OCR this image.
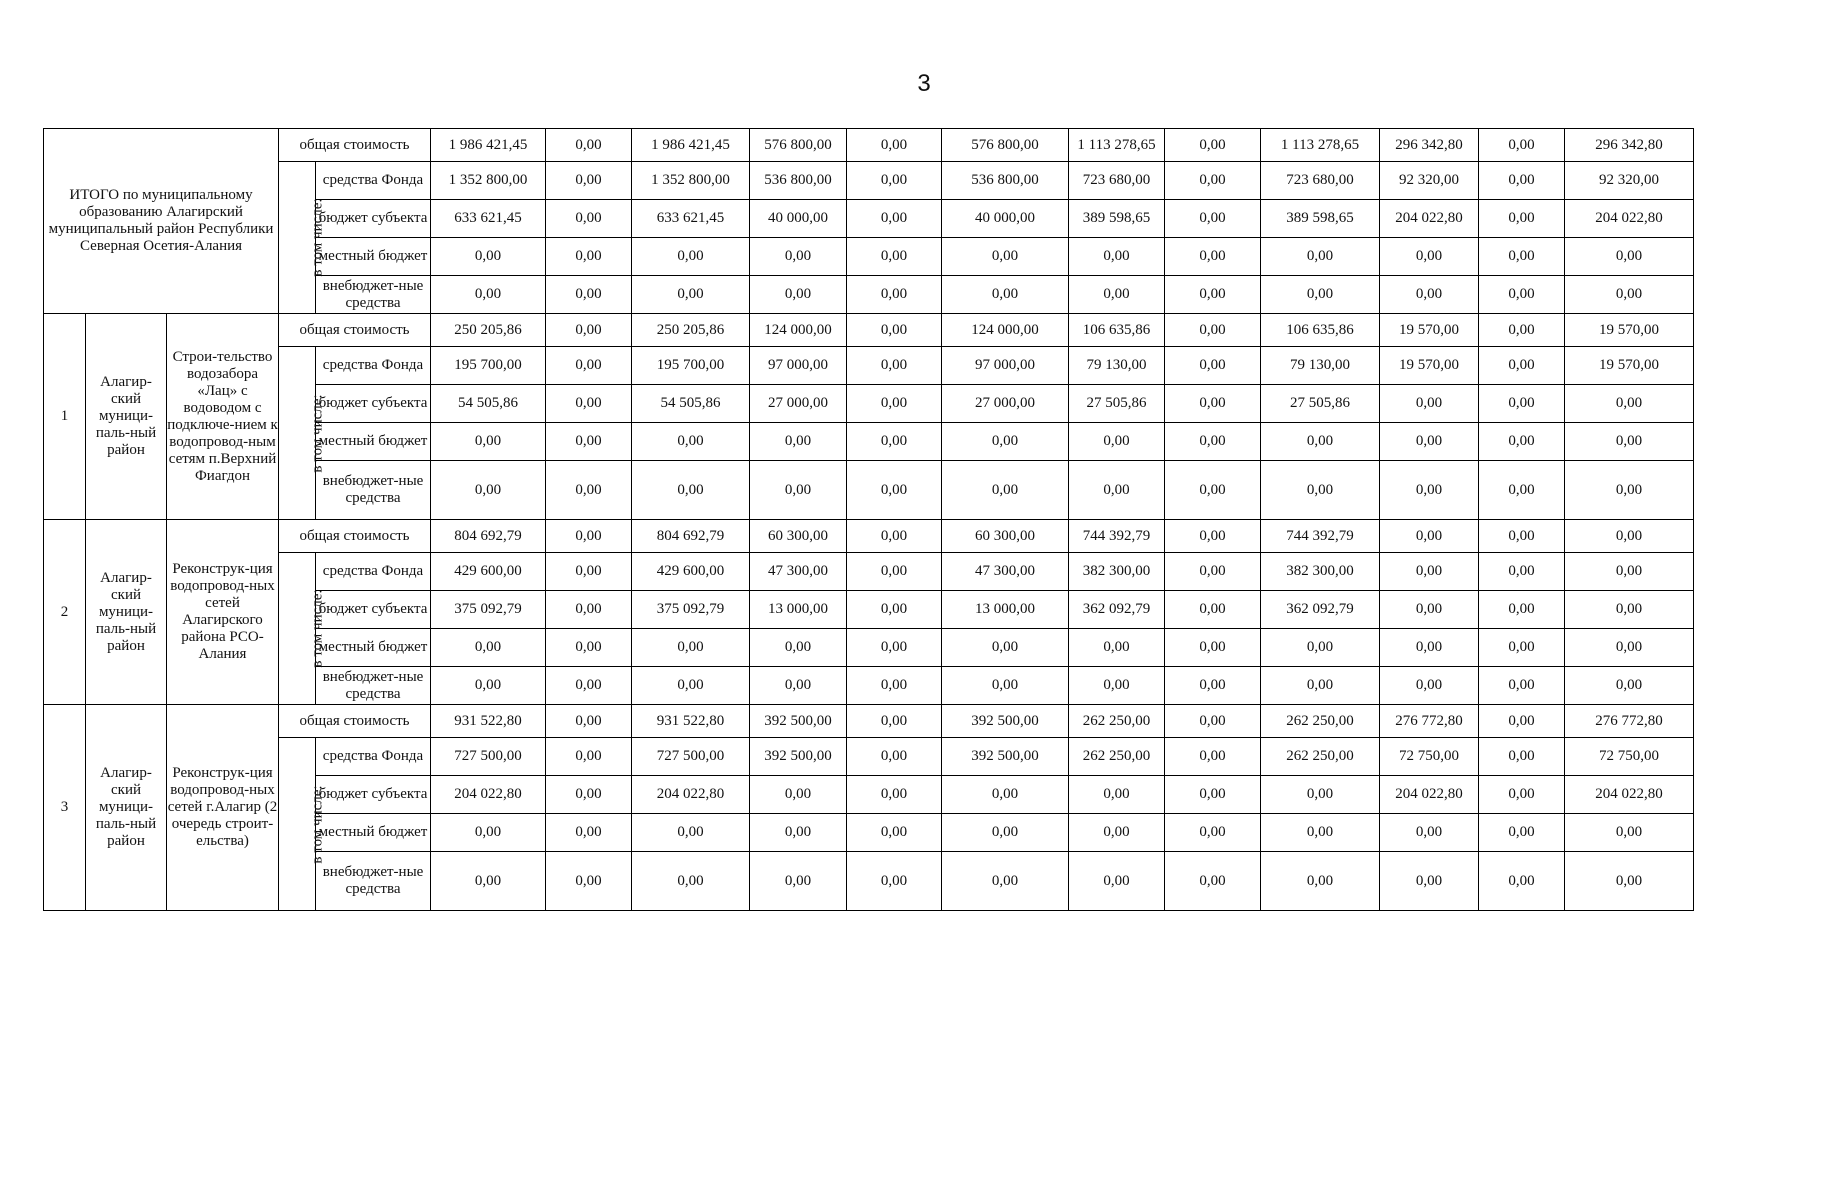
3
ИТОГО по муниципальному образованию Алагирский муниципальный район Республики Северная Осетия-Алания			общая стоимость		1 986 421,45	0,00	1 986 421,45	576 800,00	0,00	576 800,00	1 113 278,65	0,00	1 113 278,65	296 342,80	0,00	296 342,80
			в том числе:	средства Фонда	1 352 800,00	0,00	1 352 800,00	536 800,00	0,00	536 800,00	723 680,00	0,00	723 680,00	92 320,00	0,00	92 320,00
				бюджет субъекта	633 621,45	0,00	633 621,45	40 000,00	0,00	40 000,00	389 598,65	0,00	389 598,65	204 022,80	0,00	204 022,80
				местный бюджет	0,00	0,00	0,00	0,00	0,00	0,00	0,00	0,00	0,00	0,00	0,00	0,00
				внебюджет-ные средства	0,00	0,00	0,00	0,00	0,00	0,00	0,00	0,00	0,00	0,00	0,00	0,00
1	Алагир-ский муници-паль-ный район	Строи-тельство водозабора «Лац» с водоводом с подключе-нием к водопровод-ным сетям п.Верхний Фиагдон	общая стоимость		250 205,86	0,00	250 205,86	124 000,00	0,00	124 000,00	106 635,86	0,00	106 635,86	19 570,00	0,00	19 570,00
			в том числе:	средства Фонда	195 700,00	0,00	195 700,00	97 000,00	0,00	97 000,00	79 130,00	0,00	79 130,00	19 570,00	0,00	19 570,00
				бюджет субъекта	54 505,86	0,00	54 505,86	27 000,00	0,00	27 000,00	27 505,86	0,00	27 505,86	0,00	0,00	0,00
				местный бюджет	0,00	0,00	0,00	0,00	0,00	0,00	0,00	0,00	0,00	0,00	0,00	0,00
				внебюджет-ные средства	0,00	0,00	0,00	0,00	0,00	0,00	0,00	0,00	0,00	0,00	0,00	0,00
2	Алагир-ский муници-паль-ный район	Реконструк-ция водопровод-ных сетей Алагирского района РСО-Алания	общая стоимость		804 692,79	0,00	804 692,79	60 300,00	0,00	60 300,00	744 392,79	0,00	744 392,79	0,00	0,00	0,00
			в том числе:	средства Фонда	429 600,00	0,00	429 600,00	47 300,00	0,00	47 300,00	382 300,00	0,00	382 300,00	0,00	0,00	0,00
				бюджет субъекта	375 092,79	0,00	375 092,79	13 000,00	0,00	13 000,00	362 092,79	0,00	362 092,79	0,00	0,00	0,00
				местный бюджет	0,00	0,00	0,00	0,00	0,00	0,00	0,00	0,00	0,00	0,00	0,00	0,00
				внебюджет-ные средства	0,00	0,00	0,00	0,00	0,00	0,00	0,00	0,00	0,00	0,00	0,00	0,00
3	Алагир-ский муници-паль-ный район	Реконструк-ция водопровод-ных сетей г.Алагир (2 очередь строит-ельства)	общая стоимость		931 522,80	0,00	931 522,80	392 500,00	0,00	392 500,00	262 250,00	0,00	262 250,00	276 772,80	0,00	276 772,80
			в том числе:	средства Фонда	727 500,00	0,00	727 500,00	392 500,00	0,00	392 500,00	262 250,00	0,00	262 250,00	72 750,00	0,00	72 750,00
				бюджет субъекта	204 022,80	0,00	204 022,80	0,00	0,00	0,00	0,00	0,00	0,00	204 022,80	0,00	204 022,80
				местный бюджет	0,00	0,00	0,00	0,00	0,00	0,00	0,00	0,00	0,00	0,00	0,00	0,00
				внебюджет-ные средства	0,00	0,00	0,00	0,00	0,00	0,00	0,00	0,00	0,00	0,00	0,00	0,00
